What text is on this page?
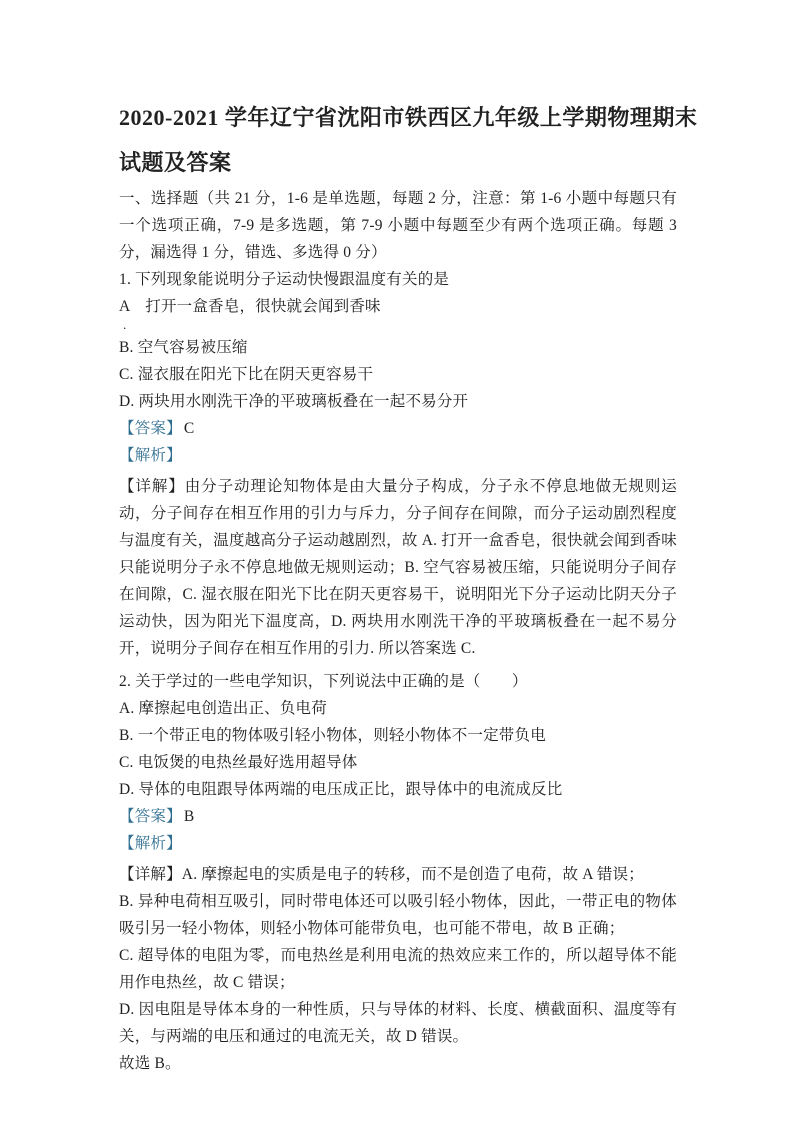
2020-2021 学年辽宁省沈阳市铁西区九年级上学期物理期末
试题及答案

一、选择题（共 21 分，1-6 是单选题，每题 2 分，注意：第 1-6 小题中每题只有一个选项正确，7-9 是多选题，第 7-9 小题中每题至少有两个选项正确。每题 3 分，漏选得 1 分，错选、多选得 0 分）

1. 下列现象能说明分子运动快慢跟温度有关的是

A　打开一盒香皂，很快就会闻到香味

.

B. 空气容易被压缩

C. 湿衣服在阳光下比在阴天更容易干

D. 两块用水刚洗干净的平玻璃板叠在一起不易分开

【答案】 C

【解析】

【详解】由分子动理论知物体是由大量分子构成，分子永不停息地做无规则运动，分子间存在相互作用的引力与斥力，分子间存在间隙，而分子运动剧烈程度与温度有关，温度越高分子运动越剧烈，故 A. 打开一盒香皂，很快就会闻到香味只能说明分子永不停息地做无规则运动；B. 空气容易被压缩，只能说明分子间存在间隙，C. 湿衣服在阳光下比在阴天更容易干，说明阳光下分子运动比阴天分子运动快，因为阳光下温度高，D. 两块用水刚洗干净的平玻璃板叠在一起不易分开，说明分子间存在相互作用的引力. 所以答案选 C.

2. 关于学过的一些电学知识，下列说法中正确的是（　　）

A. 摩擦起电创造出正、负电荷

B. 一个带正电的物体吸引轻小物体，则轻小物体不一定带负电

C. 电饭煲的电热丝最好选用超导体

D. 导体的电阻跟导体两端的电压成正比，跟导体中的电流成反比

【答案】 B

【解析】

【详解】A. 摩擦起电的实质是电子的转移，而不是创造了电荷，故 A 错误；

B. 异种电荷相互吸引，同时带电体还可以吸引轻小物体，因此，一带正电的物体吸引另一轻小物体，则轻小物体可能带负电，也可能不带电，故 B 正确；

C. 超导体的电阻为零，而电热丝是利用电流的热效应来工作的，所以超导体不能用作电热丝，故 C 错误；

D. 因电阻是导体本身的一种性质，只与导体的材料、长度、横截面积、温度等有关，与两端的电压和通过的电流无关，故 D 错误。

故选 B。
